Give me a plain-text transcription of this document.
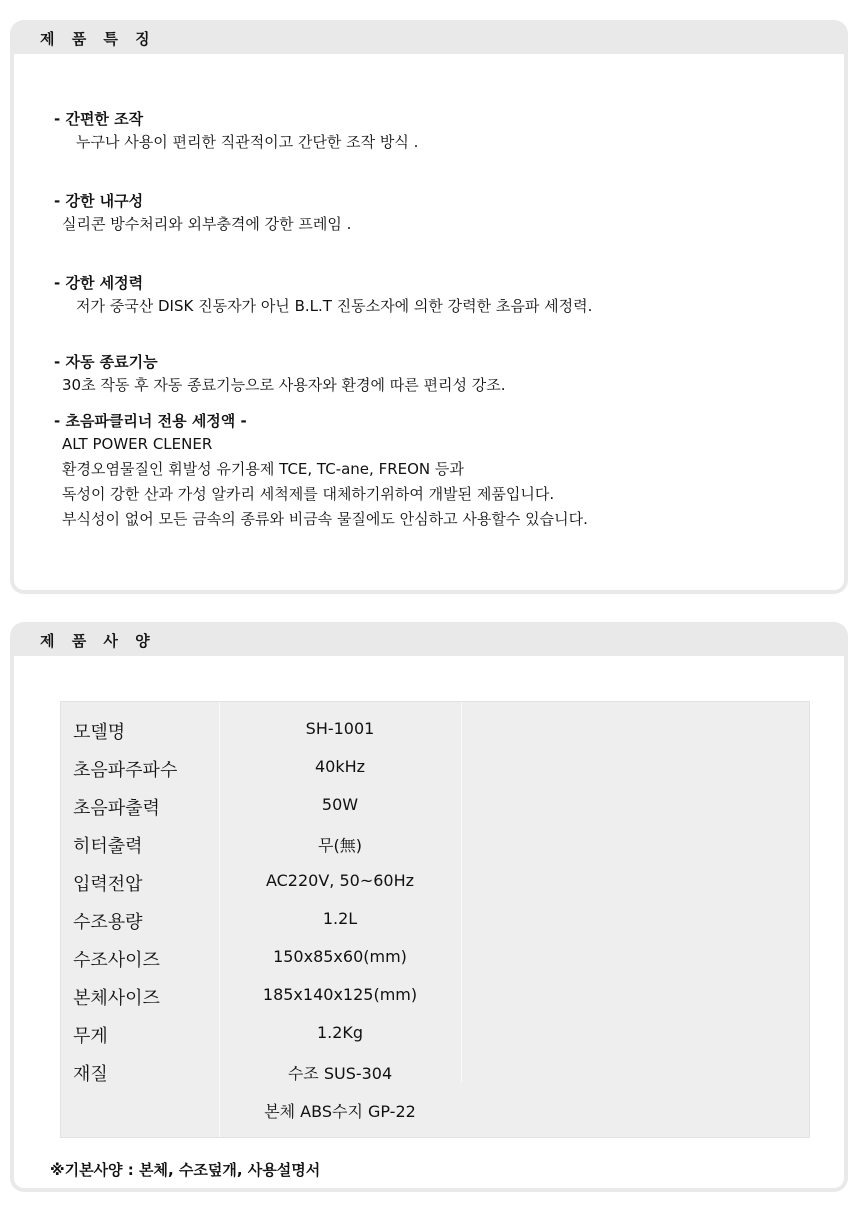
제 품 특 징
- 간편한 조작
누구나 사용이 편리한 직관적이고 간단한 조작 방식 .
- 강한 내구성
실리콘 방수처리와 외부충격에 강한 프레임 .
- 강한 세정력
저가 중국산 DISK 진동자가 아닌 B.L.T 진동소자에 의한 강력한 초음파 세정력.
- 자동 종료기능
30초 작동 후 자동 종료기능으로 사용자와 환경에 따른 편리성 강조.
- 초음파클리너 전용 세정액 -
ALT POWER CLENER
환경오염물질인 휘발성 유기용제 TCE, TC-ane, FREON 등과
독성이 강한 산과 가성 알카리 세척제를 대체하기위하여 개발된 제품입니다.
부식성이 없어 모든 금속의 종류와 비금속 물질에도 안심하고 사용할수 있습니다.
제 품 사 양
모델명	SH-1001
초음파주파수	40kHz
초음파출력	50W
히터출력	무(無)
입력전압	AC220V, 50~60Hz
수조용량	1.2L
수조사이즈	150x85x60(mm)
본체사이즈	185x140x125(mm)
무게	1.2Kg
재질	수조 SUS-304
본체 ABS수지 GP-22
※기본사양 : 본체, 수조덮개, 사용설명서
